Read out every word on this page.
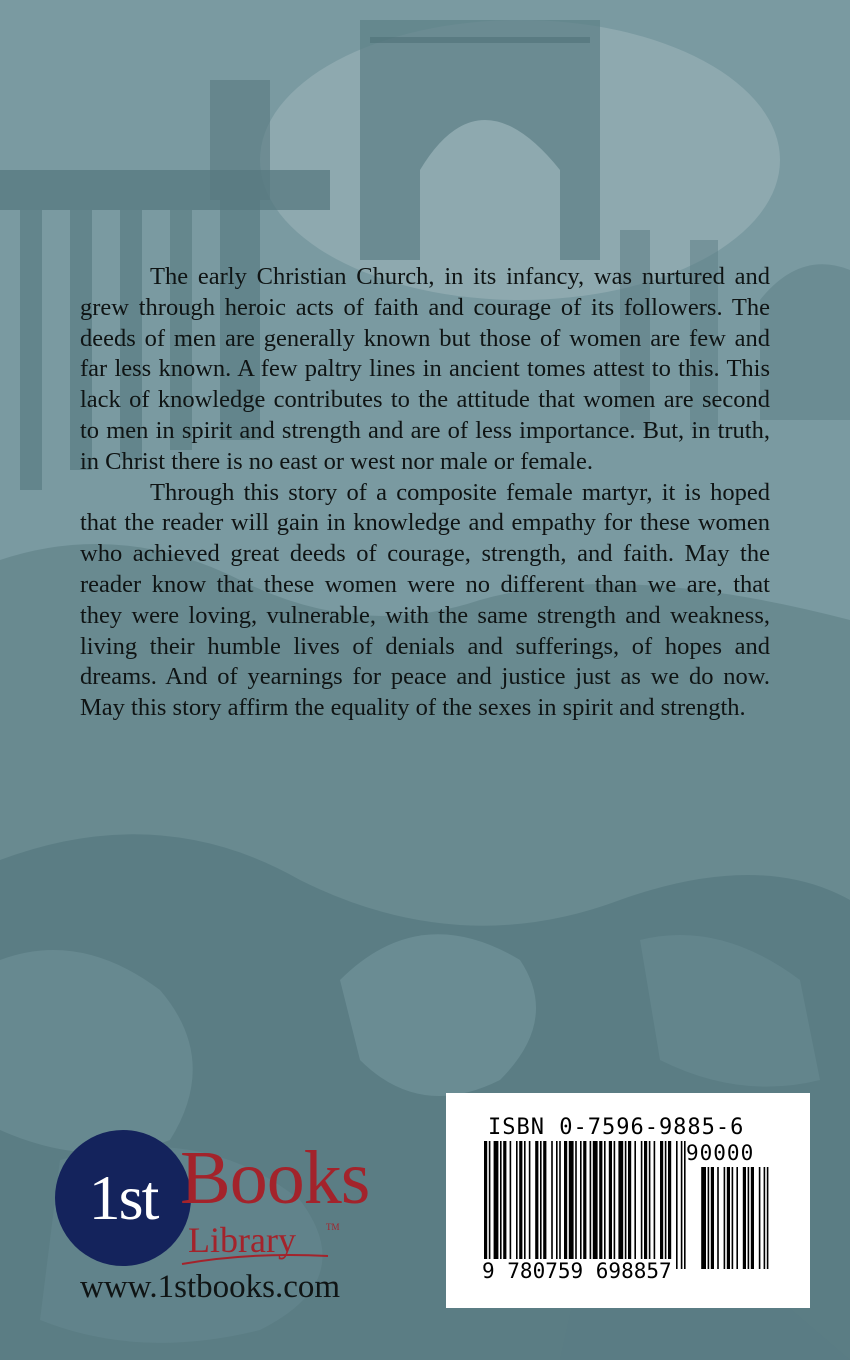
The early Christian Church, in its infancy, was nurtured and grew through heroic acts of faith and courage of its followers. The deeds of men are generally known but those of women are few and far less known. A few paltry lines in ancient tomes attest to this. This lack of knowledge contributes to the attitude that women are second to men in spirit and strength and are of less importance. But, in truth, in Christ there is no east or west nor male or female.

Through this story of a composite female martyr, it is hoped that the reader will gain in knowledge and empathy for these women who achieved great deeds of courage, strength, and faith. May the reader know that these women were no different than we are, that they were loving, vulnerable, with the same strength and weakness, living their humble lives of denials and sufferings, of hopes and dreams. And of yearnings for peace and justice just as we do now. May this story affirm the equality of the sexes in spirit and strength.

1st Books
Library	TM
www.1stbooks.com
ISBN 0-7596-9885-6
90000
9 780759 698857
